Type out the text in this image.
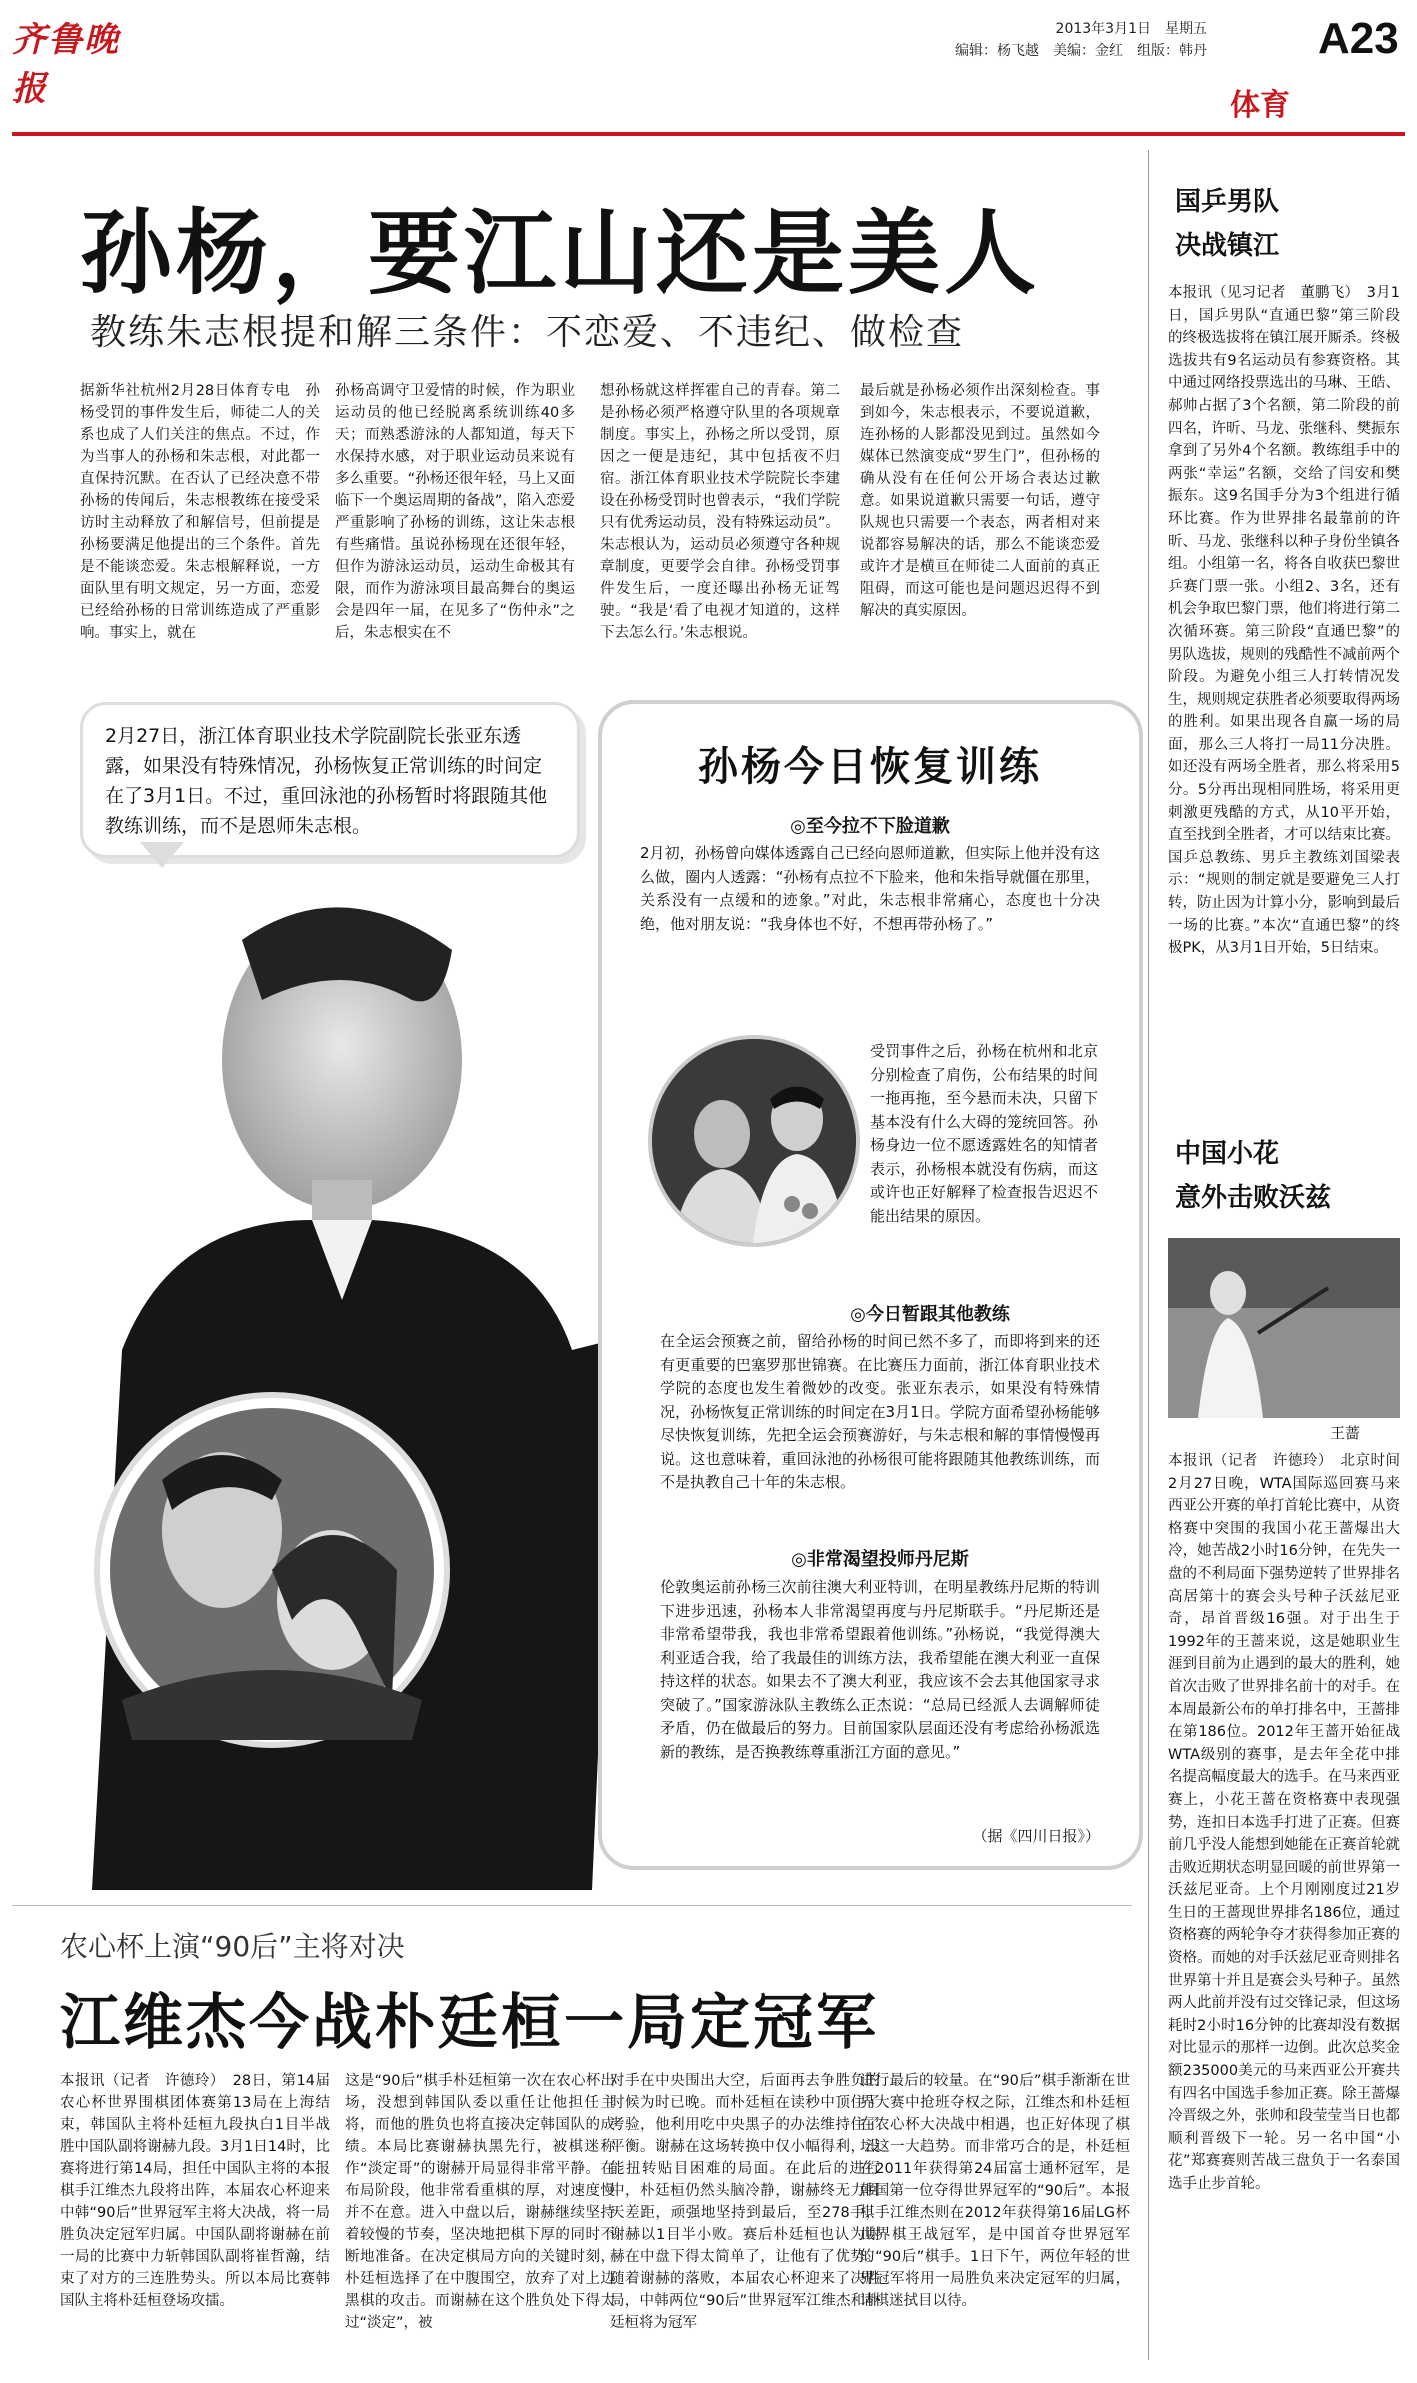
齐鲁晚报
2013年3月1日　星期五
编辑：杨飞越　美编：金红　组版：韩丹	A23
体育
孙杨，要江山还是美人
教练朱志根提和解三条件：不恋爱、不违纪、做检查
据新华社杭州2月28日体育专电　孙杨受罚的事件发生后，师徒二人的关系也成了人们关注的焦点。不过，作为当事人的孙杨和朱志根，对此都一直保持沉默。在否认了已经决意不带孙杨的传闻后，朱志根教练在接受采访时主动释放了和解信号，但前提是孙杨要满足他提出的三个条件。首先是不能谈恋爱。朱志根解释说，一方面队里有明文规定，另一方面，恋爱已经给孙杨的日常训练造成了严重影响。事实上，就在
孙杨高调守卫爱情的时候，作为职业运动员的他已经脱离系统训练40多天；而熟悉游泳的人都知道，每天下水保持水感，对于职业运动员来说有多么重要。“孙杨还很年轻，马上又面临下一个奥运周期的备战”，陷入恋爱严重影响了孙杨的训练，这让朱志根有些痛惜。虽说孙杨现在还很年轻，但作为游泳运动员，运动生命极其有限，而作为游泳项目最高舞台的奥运会是四年一届，在见多了“伤仲永”之后，朱志根实在不
想孙杨就这样挥霍自己的青春。第二是孙杨必须严格遵守队里的各项规章制度。事实上，孙杨之所以受罚，原因之一便是违纪，其中包括夜不归宿。浙江体育职业技术学院院长李建设在孙杨受罚时也曾表示，“我们学院只有优秀运动员，没有特殊运动员”。朱志根认为，运动员必须遵守各种规章制度，更要学会自律。孙杨受罚事件发生后，一度还曝出孙杨无证驾驶。“我是‘看了电视才知道的，这样下去怎么行。’朱志根说。
最后就是孙杨必须作出深刻检查。事到如今，朱志根表示，不要说道歉，连孙杨的人影都没见到过。虽然如今媒体已然演变成“罗生门”，但孙杨的确从没有在任何公开场合表达过歉意。如果说道歉只需要一句话，遵守队规也只需要一个表态，两者相对来说都容易解决的话，那么不能谈恋爱或许才是横亘在师徒二人面前的真正阻碍，而这可能也是问题迟迟得不到解决的真实原因。
2月27日，浙江体育职业技术学院副院长张亚东透露，如果没有特殊情况，孙杨恢复正常训练的时间定在了3月1日。不过，重回泳池的孙杨暂时将跟随其他教练训练，而不是恩师朱志根。
孙杨今日恢复训练
◎至今拉不下脸道歉
2月初，孙杨曾向媒体透露自己已经向恩师道歉，但实际上他并没有这么做，圈内人透露：“孙杨有点拉不下脸来，他和朱指导就僵在那里，关系没有一点缓和的迹象。”对此，朱志根非常痛心，态度也十分决绝，他对朋友说：“我身体也不好，不想再带孙杨了。”
受罚事件之后，孙杨在杭州和北京分别检查了肩伤，公布结果的时间一拖再拖，至今悬而未决，只留下基本没有什么大碍的笼统回答。孙杨身边一位不愿透露姓名的知情者表示，孙杨根本就没有伤病，而这或许也正好解释了检查报告迟迟不能出结果的原因。
◎今日暂跟其他教练
在全运会预赛之前，留给孙杨的时间已然不多了，而即将到来的还有更重要的巴塞罗那世锦赛。在比赛压力面前，浙江体育职业技术学院的态度也发生着微妙的改变。张亚东表示，如果没有特殊情况，孙杨恢复正常训练的时间定在3月1日。学院方面希望孙杨能够尽快恢复训练，先把全运会预赛游好，与朱志根和解的事情慢慢再说。这也意味着，重回泳池的孙杨很可能将跟随其他教练训练，而不是执教自己十年的朱志根。
◎非常渴望投师丹尼斯
伦敦奥运前孙杨三次前往澳大利亚特训，在明星教练丹尼斯的特训下进步迅速，孙杨本人非常渴望再度与丹尼斯联手。“丹尼斯还是非常希望带我，我也非常希望跟着他训练。”孙杨说，“我觉得澳大利亚适合我，给了我最佳的训练方法，我希望能在澳大利亚一直保持这样的状态。如果去不了澳大利亚，我应该不会去其他国家寻求突破了。”国家游泳队主教练么正杰说：“总局已经派人去调解师徒矛盾，仍在做最后的努力。目前国家队层面还没有考虑给孙杨派选新的教练，是否换教练尊重浙江方面的意见。”
（据《四川日报》）
农心杯上演“90后”主将对决
江维杰今战朴廷桓一局定冠军
本报讯（记者　许德玲）　28日，第14届农心杯世界围棋团体赛第13局在上海结束，韩国队主将朴廷桓九段执白1目半战胜中国队副将谢赫九段。3月1日14时，比赛将进行第14局，担任中国队主将的本报棋手江维杰九段将出阵，本届农心杯迎来中韩“90后”世界冠军主将大决战，将一局胜负决定冠军归属。中国队副将谢赫在前一局的比赛中力斩韩国队副将崔哲瀚，结束了对方的三连胜势头。所以本局比赛韩国队主将朴廷桓登场攻擂。
这是“90后”棋手朴廷桓第一次在农心杯出场，没想到韩国队委以重任让他担任主将，而他的胜负也将直接决定韩国队的成绩。本局比赛谢赫执黑先行，被棋迷称作“淡定哥”的谢赫开局显得非常平静。在布局阶段，他非常看重棋的厚，对速度慢并不在意。进入中盘以后，谢赫继续坚持着较慢的节奏，坚决地把棋下厚的同时不断地准备。在决定棋局方向的关键时刻，朴廷桓选择了在中腹围空，放弃了对上边黑棋的攻击。而谢赫在这个胜负处下得太过“淡定”，被
对手在中央围出大空，后面再去争胜负的时候为时已晚。而朴廷桓在读秒中顶住了考验，他利用吃中央黑子的办法维持住了平衡。谢赫在这场转换中仅小幅得利，没能扭转贴目困难的局面。在此后的进行中，朴廷桓仍然头脑冷静，谢赫终无力回天差距，顽强地坚持到最后，至278手，谢赫以1目半小败。赛后朴廷桓也认为谢赫在中盘下得太简单了，让他有了优势。随着谢赫的落败，本届农心杯迎来了决胜局，中韩两位“90后”世界冠军江维杰和朴廷桓将为冠军
进行最后的较量。在“90后”棋手渐渐在世界大赛中抢班夺权之际，江维杰和朴廷桓在农心杯大决战中相遇，也正好体现了棋坛这一大趋势。而非常巧合的是，朴廷桓在2011年获得第24届富士通杯冠军，是韩国第一位夺得世界冠军的“90后”。本报棋手江维杰则在2012年获得第16届LG杯世界棋王战冠军，是中国首夺世界冠军的“90后”棋手。1日下午，两位年轻的世界冠军将用一局胜负来决定冠军的归属，请棋迷拭目以待。
国乒男队
决战镇江
本报讯（见习记者　董鹏飞）　3月1日，国乒男队“直通巴黎”第三阶段的终极选拔将在镇江展开厮杀。终极选拔共有9名运动员有参赛资格。其中通过网络投票选出的马琳、王皓、郝帅占据了3个名额，第二阶段的前四名，许昕、马龙、张继科、樊振东拿到了另外4个名额。教练组手中的两张“幸运”名额，交给了闫安和樊振东。这9名国手分为3个组进行循环比赛。作为世界排名最靠前的许昕、马龙、张继科以种子身份坐镇各组。小组第一名，将各自收获巴黎世乒赛门票一张。小组2、3名，还有机会争取巴黎门票，他们将进行第二次循环赛。第三阶段“直通巴黎”的男队选拔，规则的残酷性不减前两个阶段。为避免小组三人打转情况发生，规则规定获胜者必须要取得两场的胜利。如果出现各自赢一场的局面，那么三人将打一局11分决胜。如还没有两场全胜者，那么将采用5分。5分再出现相同胜场，将采用更刺激更残酷的方式，从10平开始，直至找到全胜者，才可以结束比赛。国乒总教练、男乒主教练刘国梁表示：“规则的制定就是要避免三人打转，防止因为计算小分，影响到最后一场的比赛。”本次“直通巴黎”的终极PK，从3月1日开始，5日结束。
中国小花
意外击败沃兹
王蔷
本报讯（记者　许德玲）　北京时间2月27日晚，WTA国际巡回赛马来西亚公开赛的单打首轮比赛中，从资格赛中突围的我国小花王蔷爆出大冷，她苦战2小时16分钟，在先失一盘的不利局面下强势逆转了世界排名高居第十的赛会头号种子沃兹尼亚奇，昂首晋级16强。对于出生于1992年的王蔷来说，这是她职业生涯到目前为止遇到的最大的胜利，她首次击败了世界排名前十的对手。在本周最新公布的单打排名中，王蔷排在第186位。2012年王蔷开始征战WTA级别的赛事，是去年全花中排名提高幅度最大的选手。在马来西亚赛上，小花王蔷在资格赛中表现强势，连扣日本选手打进了正赛。但赛前几乎没人能想到她能在正赛首轮就击败近期状态明显回暖的前世界第一沃兹尼亚奇。上个月刚刚度过21岁生日的王蔷现世界排名186位，通过资格赛的两轮争夺才获得参加正赛的资格。而她的对手沃兹尼亚奇则排名世界第十并且是赛会头号种子。虽然两人此前并没有过交锋记录，但这场耗时2小时16分钟的比赛却没有数据对比显示的那样一边倒。此次总奖金额235000美元的马来西亚公开赛共有四名中国选手参加正赛。除王蔷爆冷晋级之外，张帅和段莹莹当日也都顺利晋级下一轮。另一名中国“小花”郑赛赛则苦战三盘负于一名泰国选手止步首轮。
